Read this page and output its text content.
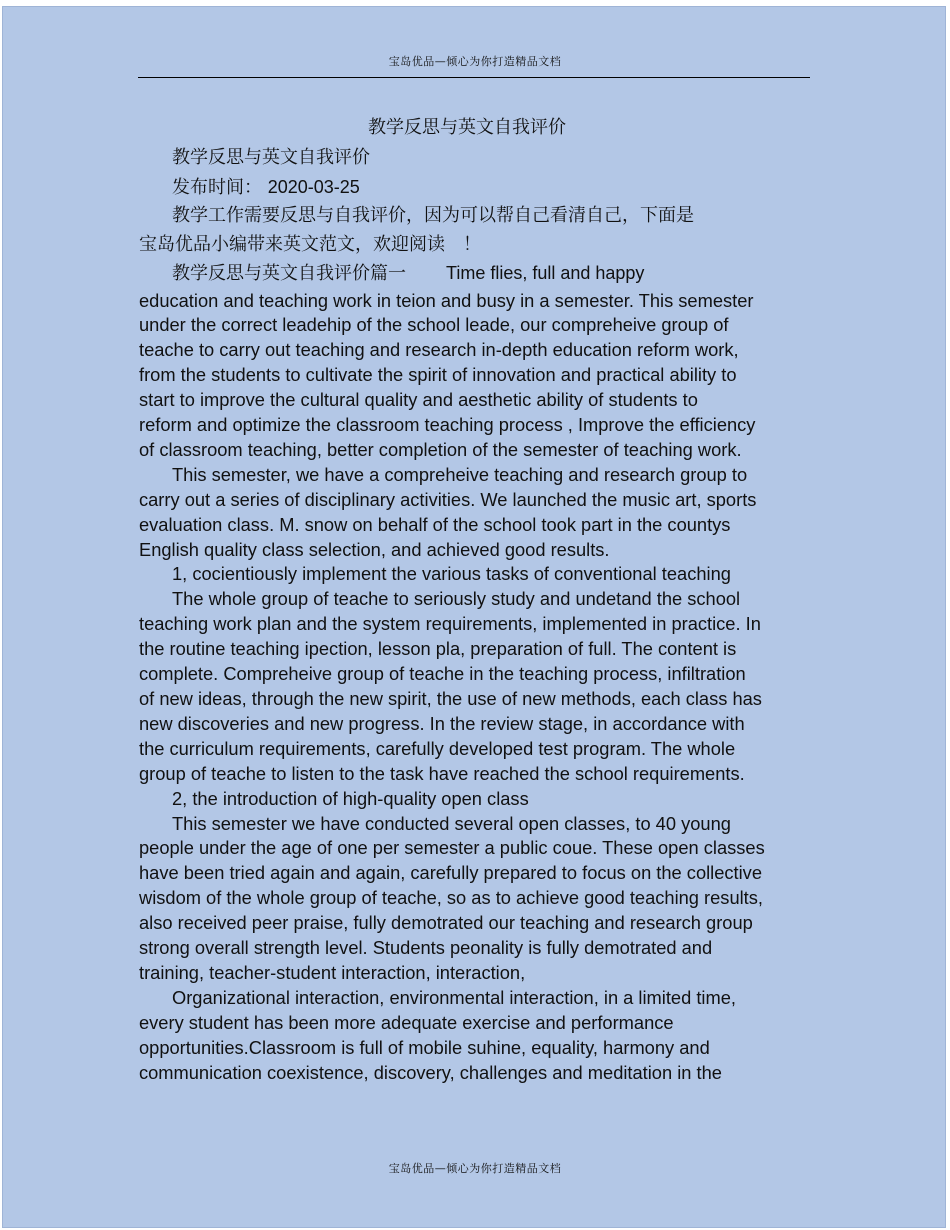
宝岛优品—倾心为你打造精品文档
教学反思与英文自我评价
教学反思与英文自我评价
发布时间： 2020-03-25
教学工作需要反思与自我评价，因为可以帮自己看清自己，下面是
宝岛优品小编带来英文范文，欢迎阅读　！
教学反思与英文自我评价篇一 Time flies, full and happy
education and teaching work in teion and busy in a semester. This semester
under the correct leadehip of the school leade, our compreheive group of
teache to carry out teaching and research in-depth education reform work,
from the students to cultivate the spirit of innovation and practical ability to
start to improve the cultural quality and aesthetic ability of students to
reform and optimize the classroom teaching process , Improve the efficiency
of classroom teaching, better completion of the semester of teaching work.
This semester, we have a compreheive teaching and research group to
carry out a series of disciplinary activities. We launched the music art, sports
evaluation class. M. snow on behalf of the school took part in the countys
English quality class selection, and achieved good results.
1, cocientiously implement the various tasks of conventional teaching
The whole group of teache to seriously study and undetand the school
teaching work plan and the system requirements, implemented in practice. In
the routine teaching ipection, lesson pla, preparation of full. The content is
complete. Compreheive group of teache in the teaching process, infiltration
of new ideas, through the new spirit, the use of new methods, each class has
new discoveries and new progress. In the review stage, in accordance with
the curriculum requirements, carefully developed test program. The whole
group of teache to listen to the task have reached the school requirements.
2, the introduction of high-quality open class
This semester we have conducted several open classes, to 40 young
people under the age of one per semester a public coue. These open classes
have been tried again and again, carefully prepared to focus on the collective
wisdom of the whole group of teache, so as to achieve good teaching results,
also received peer praise, fully demotrated our teaching and research group
strong overall strength level. Students peonality is fully demotrated and
training, teacher-student interaction, interaction,
Organizational interaction, environmental interaction, in a limited time,
every student has been more adequate exercise and performance
opportunities.Classroom is full of mobile suhine, equality, harmony and
communication coexistence, discovery, challenges and meditation in the
宝岛优品—倾心为你打造精品文档
